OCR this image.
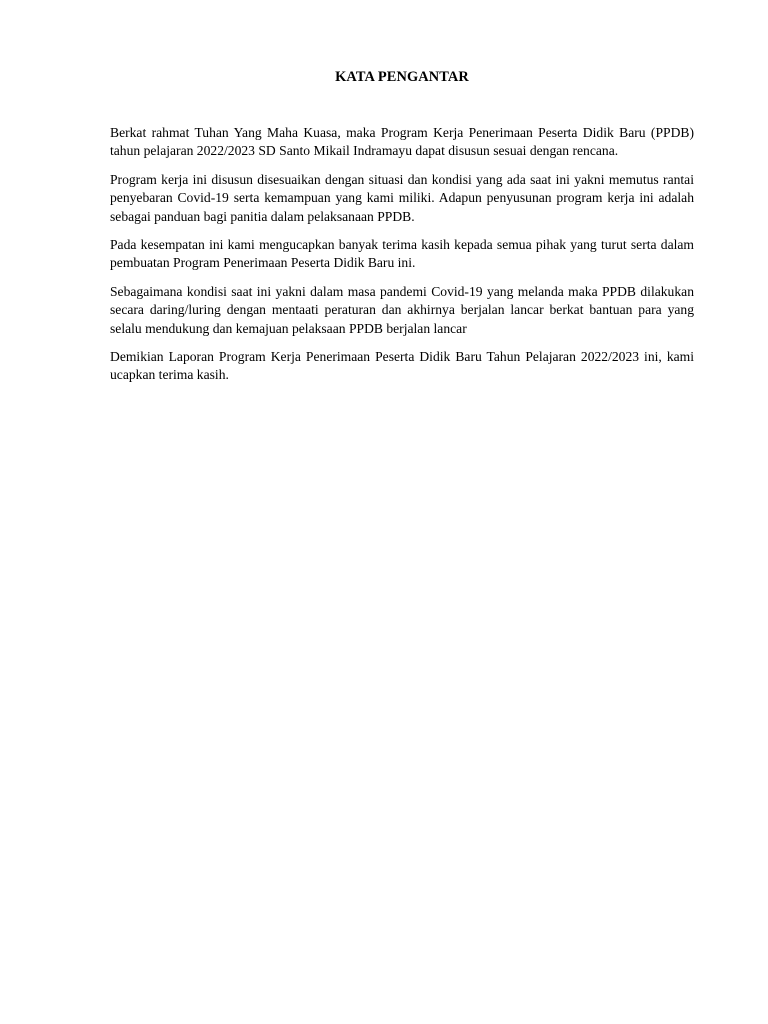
KATA PENGANTAR

Berkat rahmat Tuhan Yang Maha Kuasa, maka Program Kerja Penerimaan Peserta Didik Baru (PPDB) tahun pelajaran 2022/2023 SD Santo Mikail Indramayu dapat disusun sesuai dengan rencana.

Program kerja ini disusun disesuaikan dengan situasi dan kondisi yang ada saat ini yakni memutus rantai penyebaran Covid-19 serta kemampuan yang kami miliki. Adapun penyusunan program kerja ini adalah sebagai panduan bagi panitia dalam pelaksanaan PPDB.

Pada kesempatan ini kami mengucapkan banyak terima kasih kepada semua pihak yang turut serta dalam pembuatan Program Penerimaan Peserta Didik Baru ini.

Sebagaimana kondisi saat ini yakni dalam masa pandemi Covid-19 yang melanda maka PPDB dilakukan secara daring/luring dengan mentaati peraturan dan akhirnya berjalan lancar berkat bantuan para yang selalu mendukung dan kemajuan pelaksaan PPDB berjalan lancar

Demikian Laporan Program Kerja Penerimaan Peserta Didik Baru Tahun Pelajaran 2022/2023 ini, kami ucapkan terima kasih.
